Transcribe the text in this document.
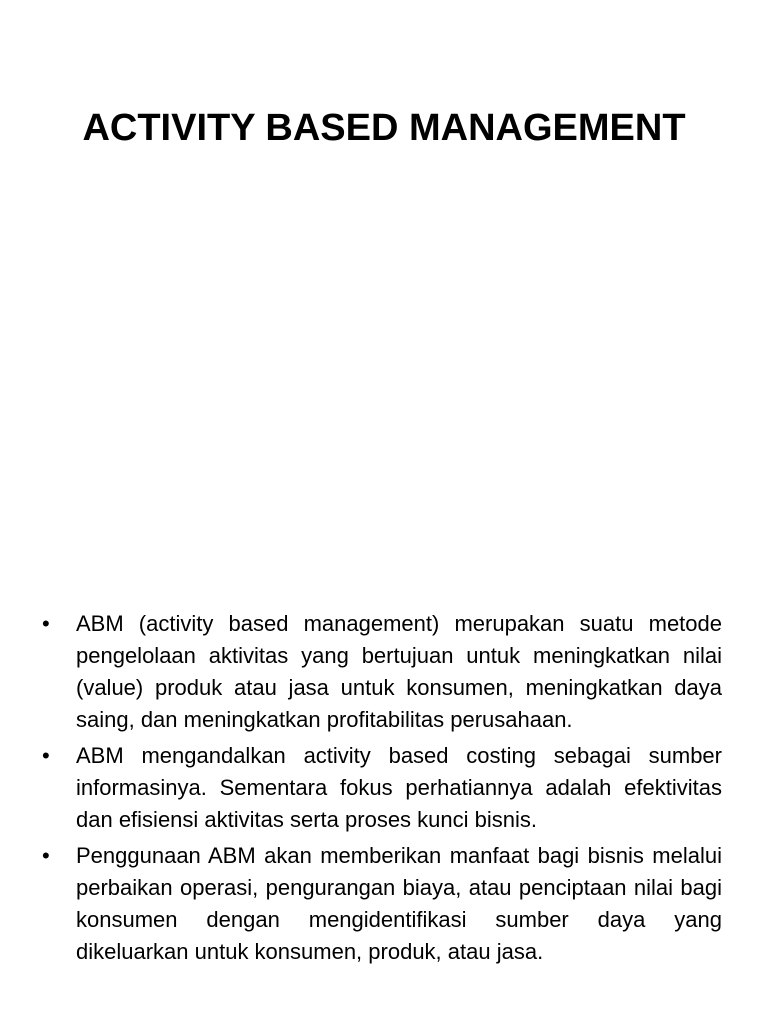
ACTIVITY BASED MANAGEMENT
•	ABM (activity based management) merupakan suatu metode pengelolaan aktivitas yang bertujuan untuk meningkatkan nilai (value) produk atau jasa untuk konsumen, meningkatkan daya saing, dan meningkatkan profitabilitas perusahaan.
•	ABM mengandalkan activity based costing sebagai sumber informasinya. Sementara fokus perhatiannya adalah efektivitas dan efisiensi aktivitas serta proses kunci bisnis.
•	Penggunaan ABM akan memberikan manfaat bagi bisnis melalui perbaikan operasi, pengurangan biaya, atau penciptaan nilai bagi konsumen dengan mengidentifikasi sumber daya yang dikeluarkan untuk konsumen, produk, atau jasa.
